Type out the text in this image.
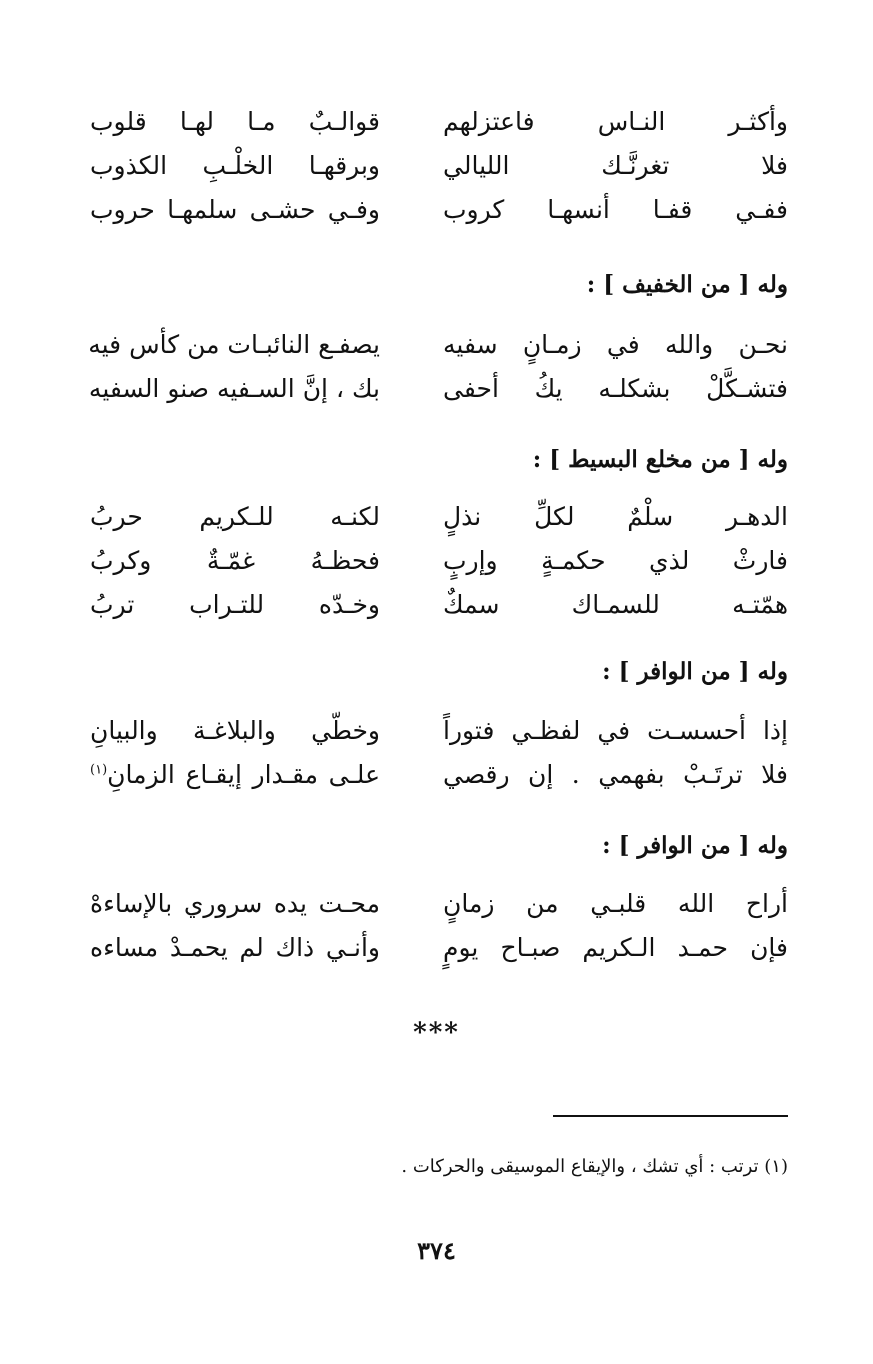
وأكثـر النـاس فاعتزلهم
قوالـبٌ مـا لهـا قلوب
فلا تغرنَّـك الليالي
وبرقهـا الخلْـبِ الكذوب
ففـي قفـا أنسهـا كروب
وفـي حشـى سلمهـا حروب
وله [ من الخفيف ] :
نحـن والله في زمـانٍ سفيه
يصفـع النائبـات من كأس فيه
فتشـكَّلْ بشكلـه يكُ أحفى
بك ، إنَّ السـفيه صنو السفيه
وله [ من مخلع البسيط ] :
الدهـر سلْمٌ لكلِّ نذلٍ
لكنـه للـكريم حربُ
فارثْ لذي حكمـةٍ وإربٍ
فحظـهُ غمّـةٌ وكربُ
همّتـه للسمـاك سمكٌ
وخـدّه للتـراب تربُ
وله [ من الوافر ] :
إذا أحسسـت في لفظـي فتوراً
وخطّي والبلاغـة والبيانِ
فلا ترتَـبْ بفهمي . إن رقصي
علـى مقـدار إيقـاع الزمانِ$^{(١)}$
وله [ من الوافر ] :
أراح الله قلبـي من زمانٍ
محـت يده سروري بالإساءهْ
فإن حمـد الـكريم صبـاح يومٍ
وأنـي ذاك لم يحمـدْ مساءه
***
(١) ترتب : أي تشك ، والإيقاع الموسيقى والحركات .
٣٧٤
